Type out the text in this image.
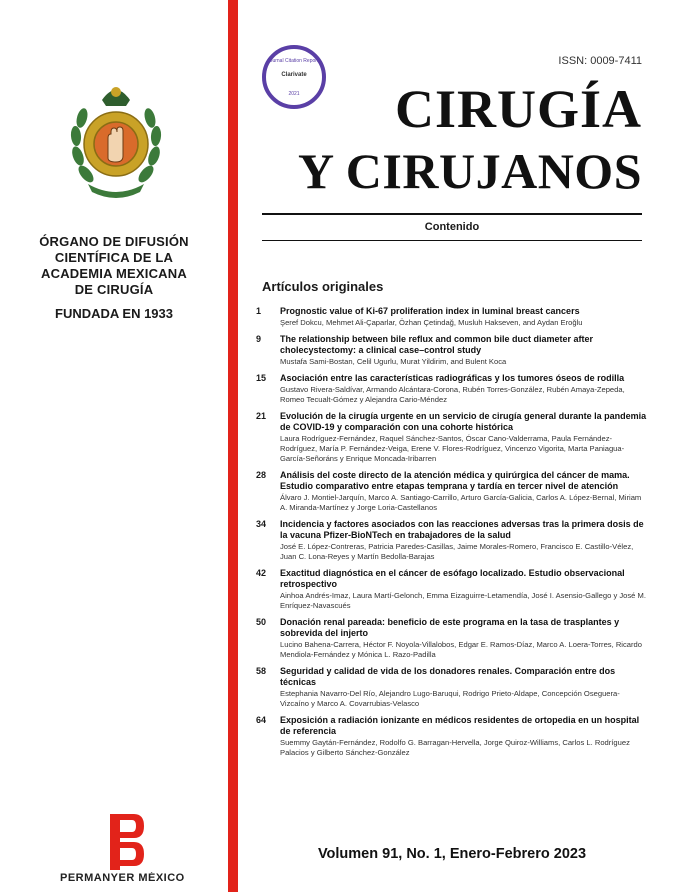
ÓRGANO DE DIFUSIÓN
CIENTÍFICA DE LA
ACADEMIA MEXICANA
DE CIRUGÍA
FUNDADA EN 1933
PERMANYER MÉXICO
Journal Citation Reports
Clarivate
2021
ISSN: 0009-7411
CIRUGÍA
Y CIRUJANOS
Contenido
Artículos originales
1	Prognostic value of Ki-67 proliferation index in luminal breast cancers
Şeref Dokcu, Mehmet Ali-Çaparlar, Özhan Çetindağ, Musluh Hakseven, and Aydan Eroğlu
9	The relationship between bile reflux and common bile duct diameter after cholecystectomy: a clinical case–control study
Mustafa Sami-Bostan, Celil Ugurlu, Murat Yildirim, and Bulent Koca
15	Asociación entre las características radiográficas y los tumores óseos de rodilla
Gustavo Rivera-Saldívar, Armando Alcántara-Corona, Rubén Torres-González, Rubén Amaya-Zepeda, Romeo Tecualt-Gómez y Alejandra Cario-Méndez
21	Evolución de la cirugía urgente en un servicio de cirugía general durante la pandemia de COVID-19 y comparación con una cohorte histórica
Laura Rodríguez-Fernández, Raquel Sánchez-Santos, Óscar Cano-Valderrama, Paula Fernández-Rodríguez, María P. Fernández-Veiga, Erene V. Flores-Rodríguez, Vincenzo Vigorita, Marta Paniagua-García-Señoráns y Enrique Moncada-Iribarren
28	Análisis del coste directo de la atención médica y quirúrgica del cáncer de mama. Estudio comparativo entre etapas temprana y tardía en tercer nivel de atención
Álvaro J. Montiel-Jarquín, Marco A. Santiago-Carrillo, Arturo García-Galicia, Carlos A. López-Bernal, Miriam A. Miranda-Martínez y Jorge Loria-Castellanos
34	Incidencia y factores asociados con las reacciones adversas tras la primera dosis de la vacuna Pfizer-BioNTech en trabajadores de la salud
José E. López-Contreras, Patricia Paredes-Casillas, Jaime Morales-Romero, Francisco E. Castillo-Vélez, Juan C. Lona-Reyes y Martín Bedolla-Barajas
42	Exactitud diagnóstica en el cáncer de esófago localizado. Estudio observacional retrospectivo
Ainhoa Andrés-Imaz, Laura Martí-Gelonch, Emma Eizaguirre-Letamendía, José I. Asensio-Gallego y José M. Enríquez-Navascués
50	Donación renal pareada: beneficio de este programa en la tasa de trasplantes y sobrevida del injerto
Lucino Bahena-Carrera, Héctor F. Noyola-Villalobos, Edgar E. Ramos-Díaz, Marco A. Loera-Torres, Ricardo Mendiola-Fernández y Mónica L. Razo-Padilla
58	Seguridad y calidad de vida de los donadores renales. Comparación entre dos técnicas
Estephania Navarro-Del Río, Alejandro Lugo-Baruqui, Rodrigo Prieto-Aldape, Concepción Oseguera-Vizcaíno y Marco A. Covarrubias-Velasco
64	Exposición a radiación ionizante en médicos residentes de ortopedia en un hospital de referencia
Suemmy Gaytán-Fernández, Rodolfo G. Barragan-Hervella, Jorge Quiroz-Williams, Carlos L. Rodríguez Palacios y Gilberto Sánchez-González
Volumen 91, No. 1, Enero-Febrero 2023
